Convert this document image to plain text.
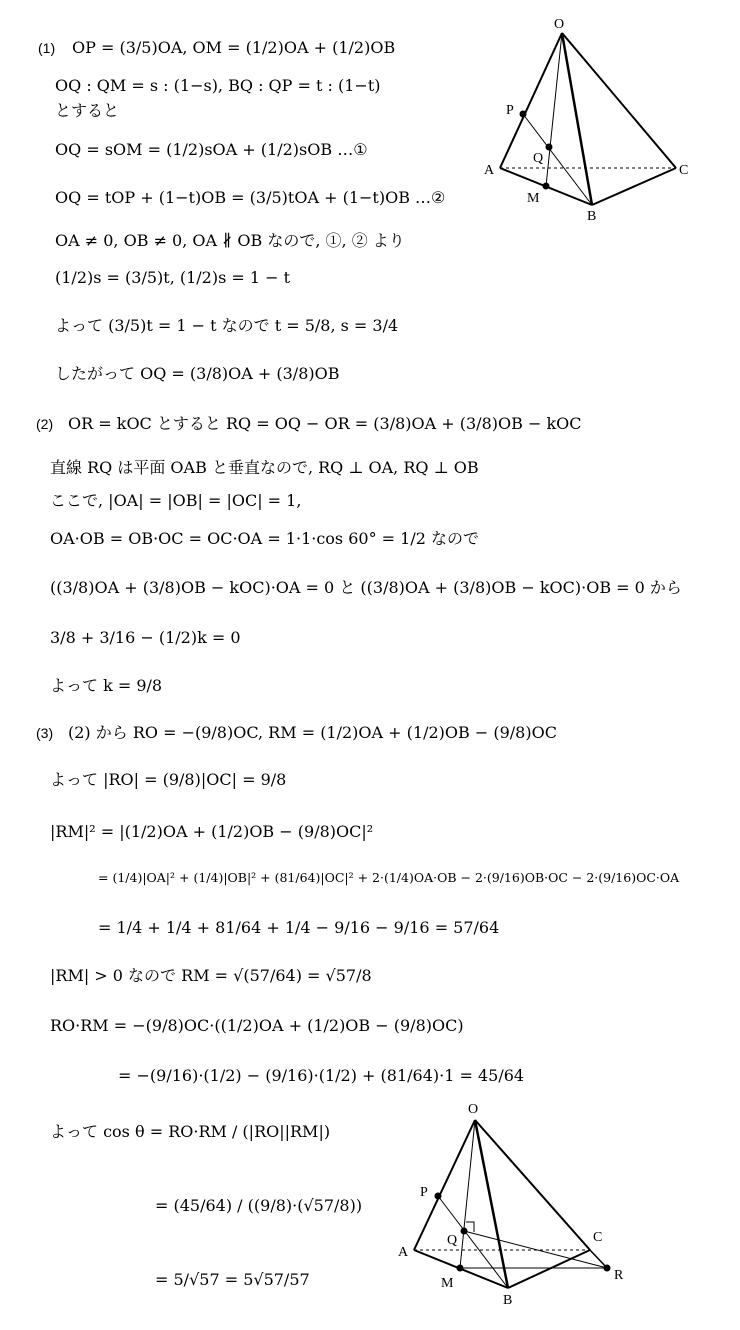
(1) OP = (3/5)OA, OM = (1/2)OA + (1/2)OB
OQ : QM = s : (1−s), BQ : QP = t : (1−t)
とすると
OQ = sOM = (1/2)sOA + (1/2)sOB …①
OQ = tOP + (1−t)OB = (3/5)tOA + (1−t)OB …②
OA ≠ 0, OB ≠ 0, OA ∦ OB なので, ①, ② より
(1/2)s = (3/5)t, (1/2)s = 1 − t
よって (3/5)t = 1 − t なので t = 5/8, s = 3/4
したがって OQ = (3/8)OA + (3/8)OB
(2) OR = kOC とすると RQ = OQ − OR = (3/8)OA + (3/8)OB − kOC
直線 RQ は平面 OAB と垂直なので, RQ ⊥ OA, RQ ⊥ OB
ここで, |OA| = |OB| = |OC| = 1,
OA·OB = OB·OC = OC·OA = 1·1·cos 60° = 1/2 なので
((3/8)OA + (3/8)OB − kOC)·OA = 0 と ((3/8)OA + (3/8)OB − kOC)·OB = 0 から
3/8 + 3/16 − (1/2)k = 0
よって k = 9/8
(3) (2) から RO = −(9/8)OC, RM = (1/2)OA + (1/2)OB − (9/8)OC
よって |RO| = (9/8)|OC| = 9/8
|RM|² = |(1/2)OA + (1/2)OB − (9/8)OC|²
= (1/4)|OA|² + (1/4)|OB|² + (81/64)|OC|² + 2·(1/4)OA·OB − 2·(9/16)OB·OC − 2·(9/16)OC·OA
= 1/4 + 1/4 + 81/64 + 1/4 − 9/16 − 9/16 = 57/64
|RM| > 0 なので RM = √(57/64) = √57/8
RO·RM = −(9/8)OC·((1/2)OA + (1/2)OB − (9/8)OC)
= −(9/16)·(1/2) − (9/16)·(1/2) + (81/64)·1 = 45/64
よって cos θ = RO·RM / (|RO||RM|)
= (45/64) / ((9/8)·(√57/8))
= 5/√57 = 5√57/57
O
P
Q
A
M
B
C
O
P
Q
A
M
B
C
R
